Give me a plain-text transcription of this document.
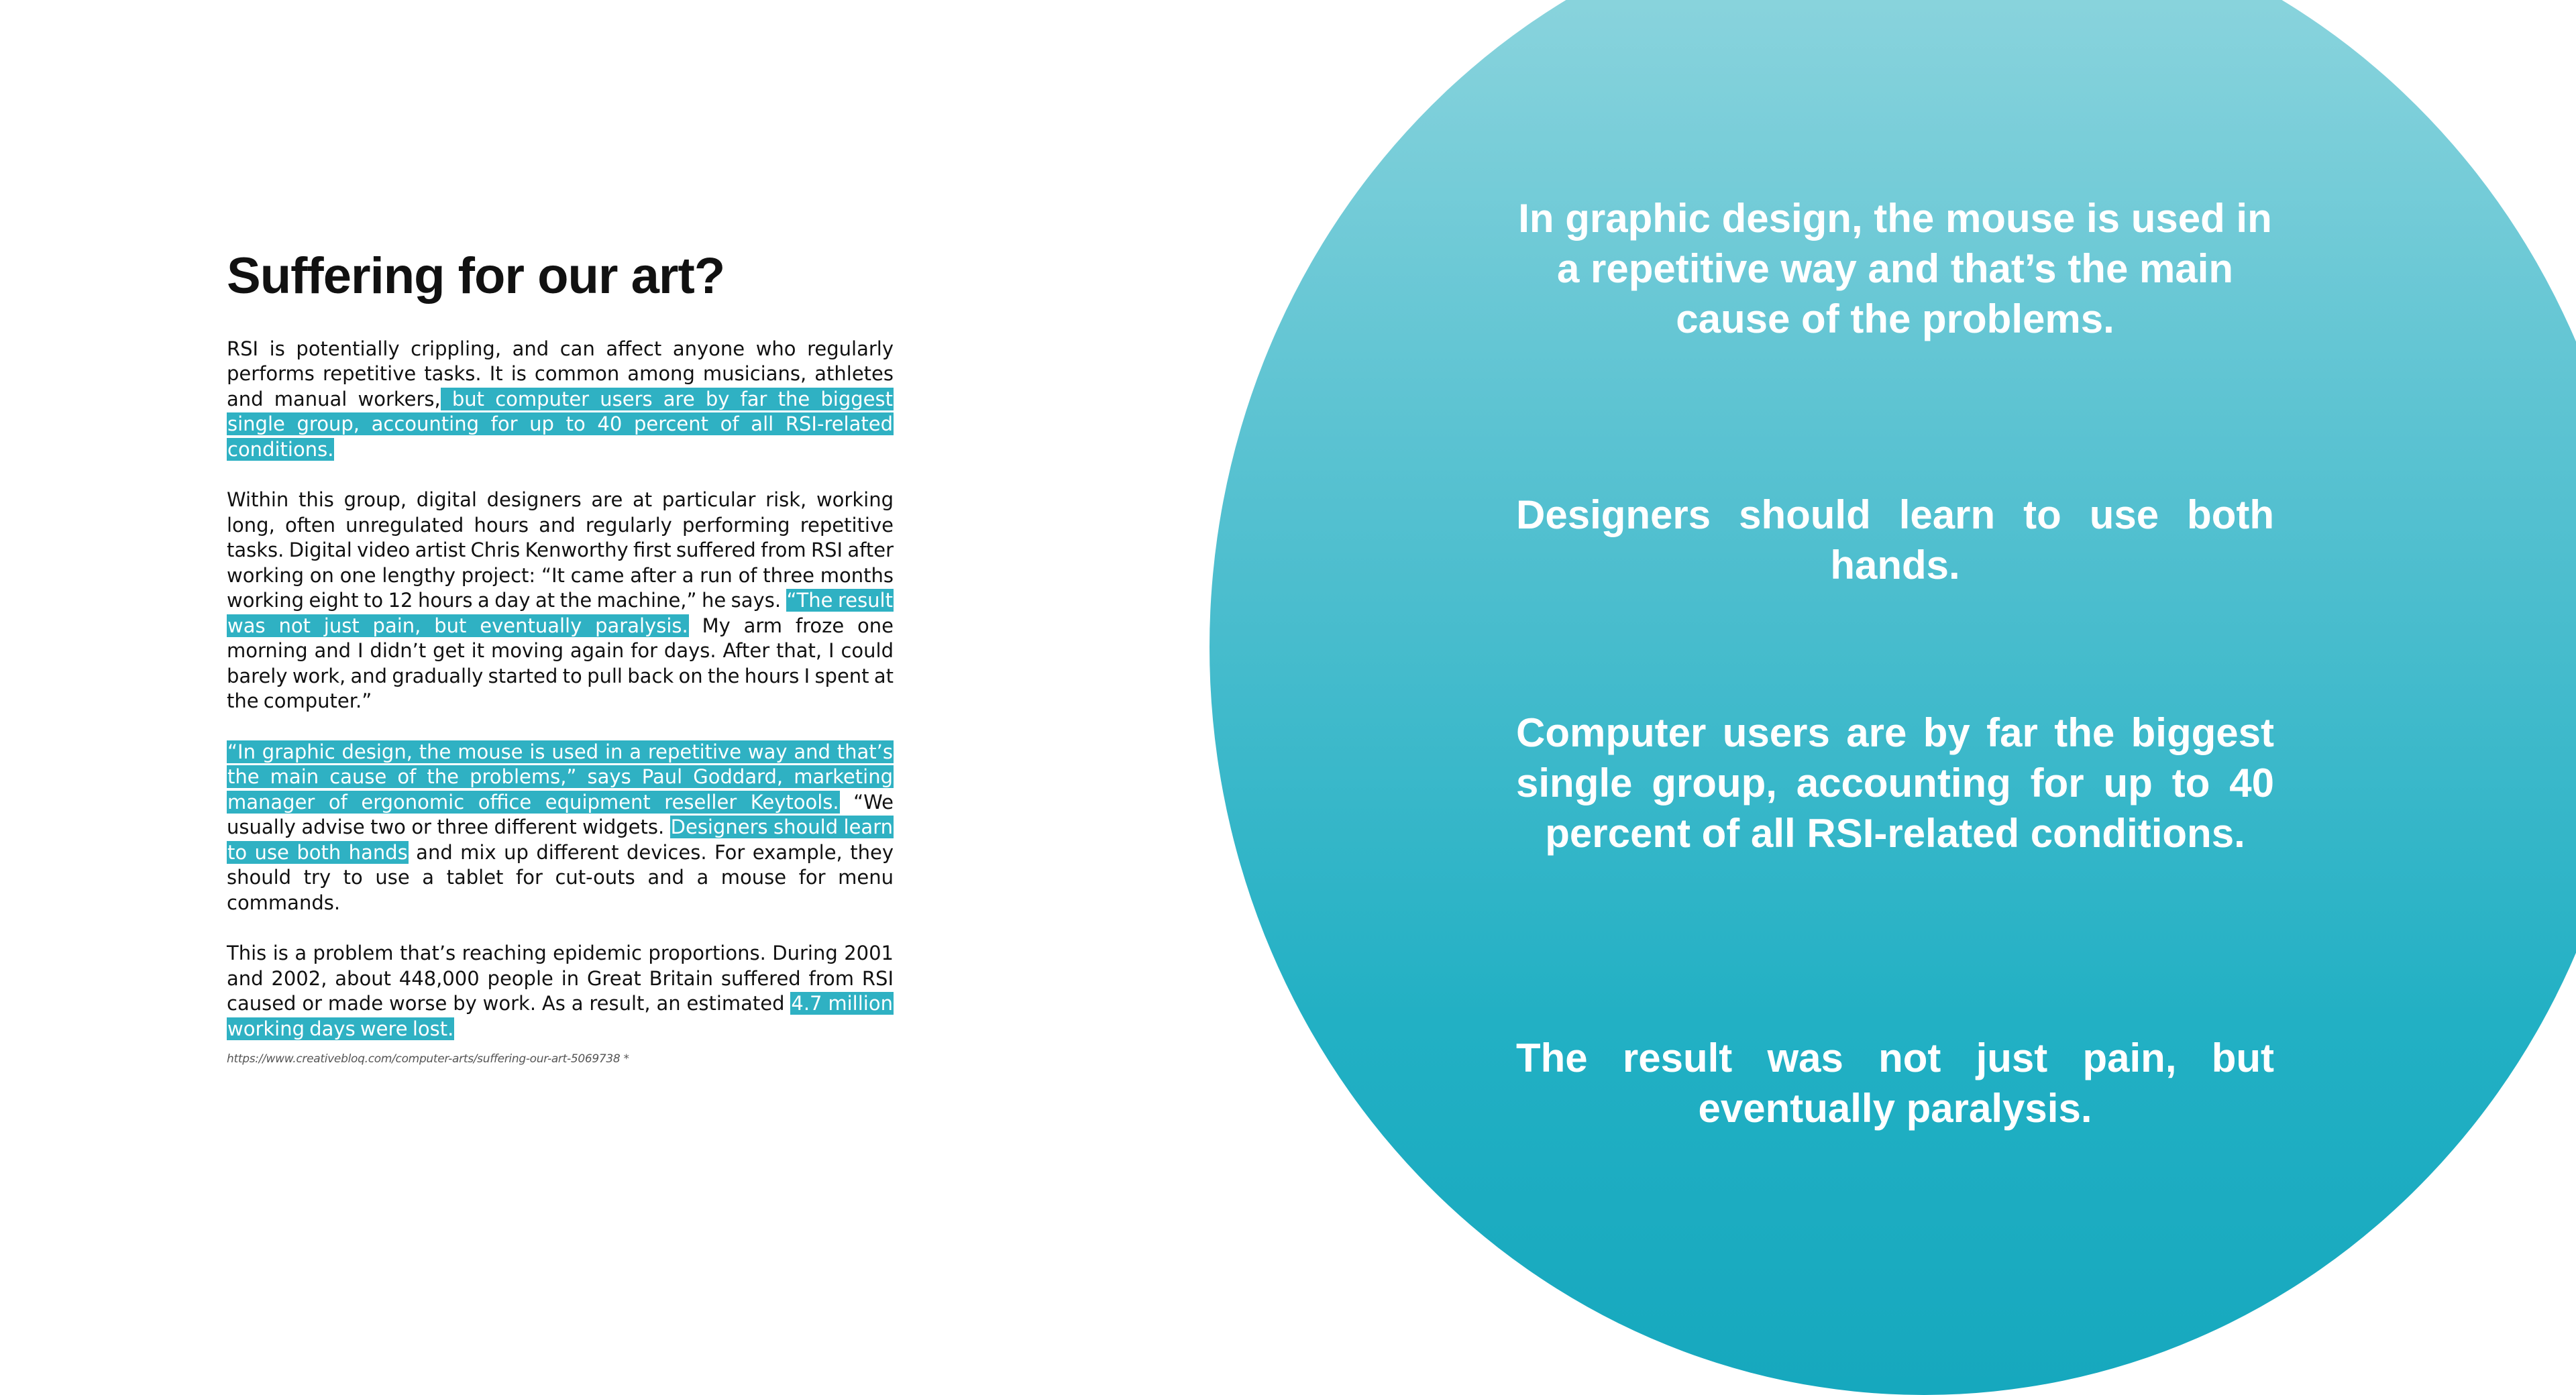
Suffering for our art?

RSI is potentially crippling, and can affect anyone who regularly performs repetitive tasks. It is common among musicians, athletes and manual workers, but computer users are by far the biggest single group, accounting for up to 40 percent of all RSI-related conditions.

Within this group, digital designers are at particular risk, working long, often unregulated hours and regularly performing repetitive tasks. Digital video artist Chris Kenworthy first suffered from RSI after working on one lengthy project: “It came after a run of three months working eight to 12 hours a day at the machine,” he says. “The result was not just pain, but eventually paralysis. My arm froze one morning and I didn’t get it moving again for days. After that, I could barely work, and gradually started to pull back on the hours I spent at the computer.”

“In graphic design, the mouse is used in a repetitive way and that’s the main cause of the problems,” says Paul Goddard, marketing manager of ergonomic office equipment reseller Keytools. “We usually advise two or three different widgets. Designers should learn to use both hands and mix up different devices. For example, they should try to use a tablet for cut-outs and a mouse for menu commands.

This is a problem that’s reaching epidemic proportions. During 2001 and 2002, about 448,000 people in Great Britain suffered from RSI caused or made worse by work. As a result, an estimated 4.7 million working days were lost.

https://www.creativebloq.com/computer-arts/suffering-our-art-5069738 *
In graphic design, the mouse is used in a repetitive way and that’s the main cause of the problems.
Designers should learn to use both hands.
Computer users are by far the biggest single group, accounting for up to 40 percent of all RSI-related conditions.
The result was not just pain, but eventually paralysis.
